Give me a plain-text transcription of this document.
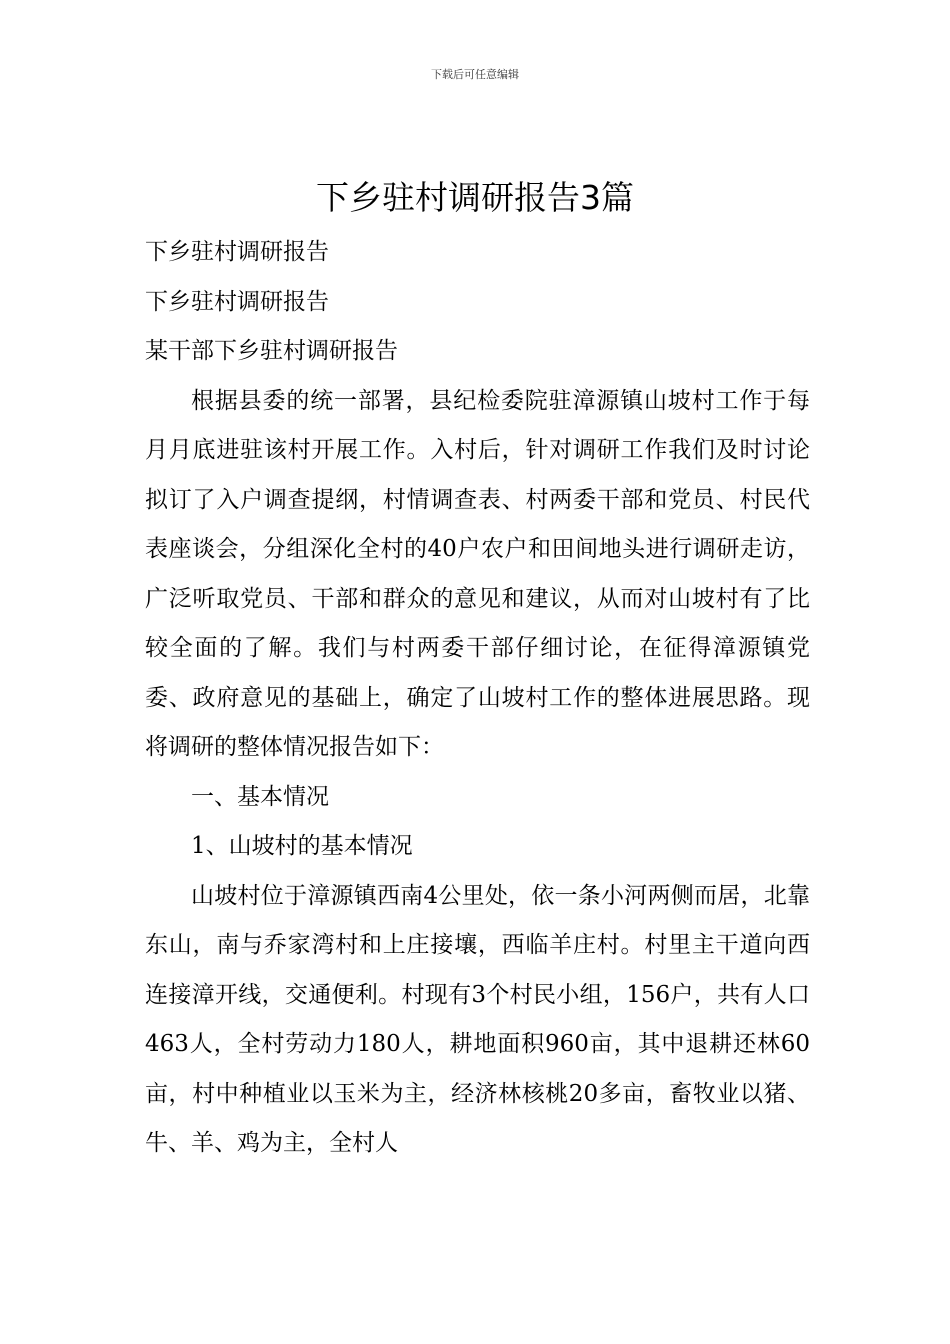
下载后可任意编辑
下乡驻村调研报告3篇

下乡驻村调研报告

下乡驻村调研报告

某干部下乡驻村调研报告

根据县委的统一部署，县纪检委院驻漳源镇山坡村工作于每月月底进驻该村开展工作。入村后，针对调研工作我们及时讨论拟订了入户调查提纲，村情调查表、村两委干部和党员、村民代表座谈会，分组深化全村的40户农户和田间地头进行调研走访，广泛听取党员、干部和群众的意见和建议，从而对山坡村有了比较全面的了解。我们与村两委干部仔细讨论，在征得漳源镇党委、政府意见的基础上，确定了山坡村工作的整体进展思路。现将调研的整体情况报告如下：

一、基本情况

1、山坡村的基本情况

山坡村位于漳源镇西南4公里处，依一条小河两侧而居，北靠东山，南与乔家湾村和上庄接壤，西临羊庄村。村里主干道向西连接漳开线，交通便利。村现有3个村民小组，156户，共有人口463人，全村劳动力180人，耕地面积960亩，其中退耕还林60亩，村中种植业以玉米为主，经济林核桃20多亩，畜牧业以猪、牛、羊、鸡为主，全村人
